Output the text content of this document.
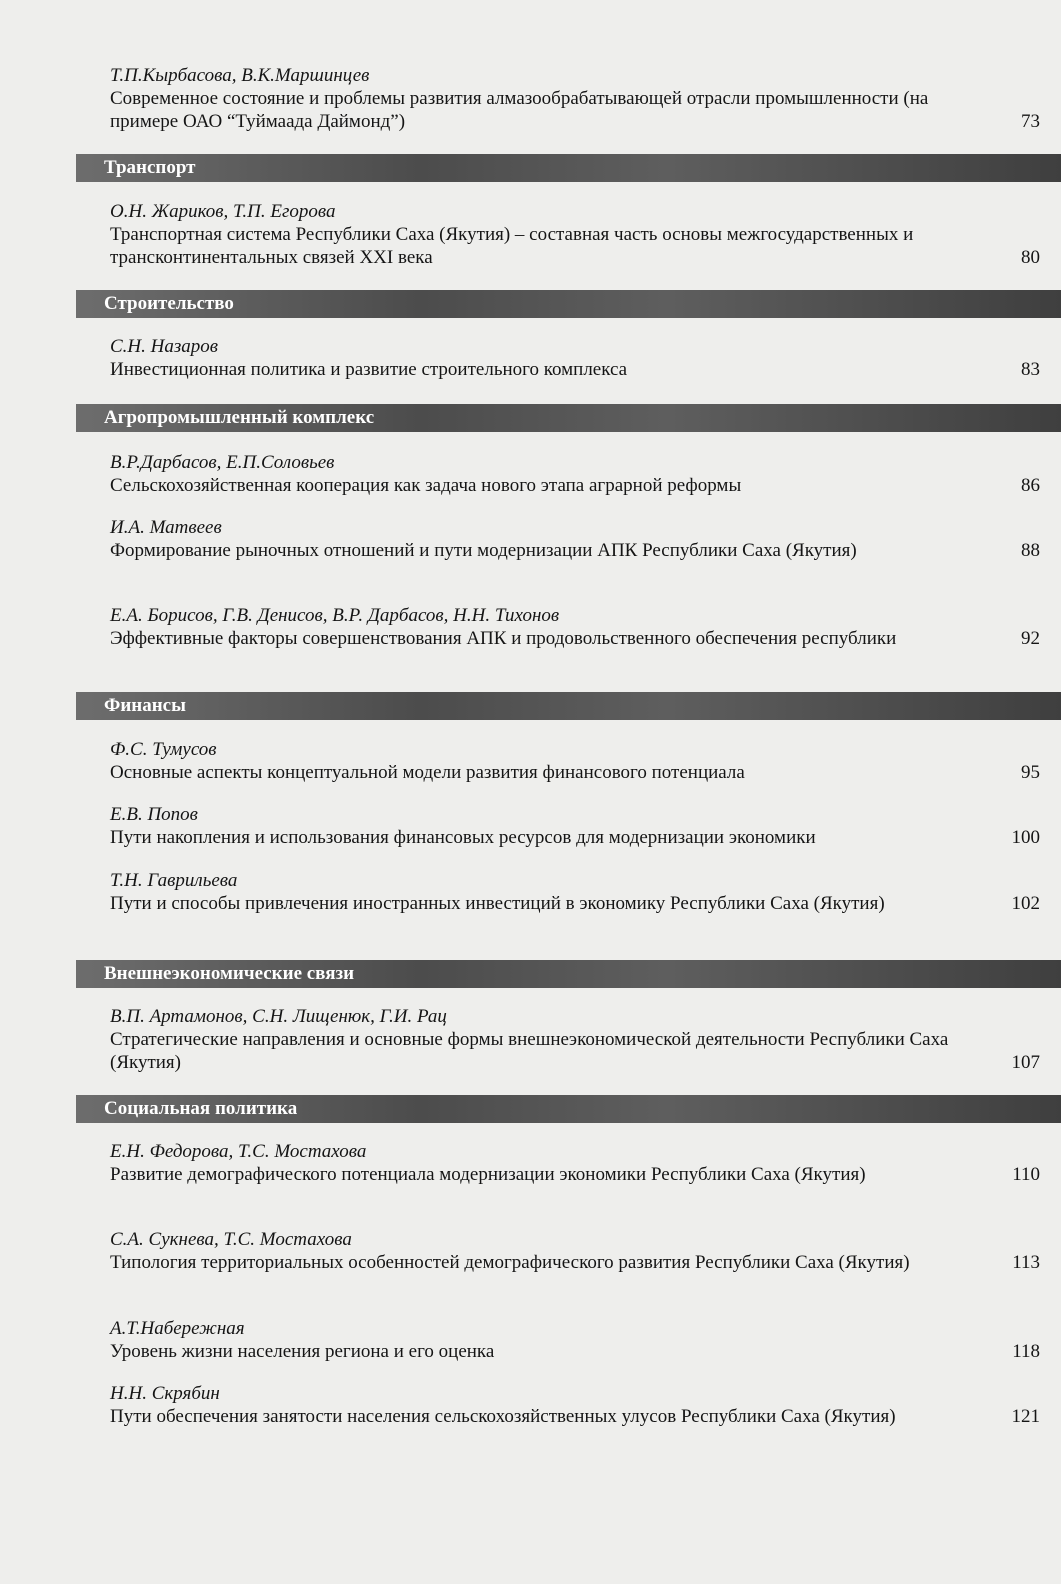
Т.П.Кырбасова, В.К.Маршинцев
Современное состояние и проблемы развития алмазообрабатывающей отрасли промышленности (на примере ОАО “Туймаада Даймонд”)	73
Транспорт
О.Н. Жариков, Т.П. Егорова
Транспортная система Республики Саха (Якутия) – составная часть основы межгосударственных и трансконтинентальных связей XXI века	80
Строительство
С.Н. Назаров
Инвестиционная политика и развитие строительного комплекса	83
Агропромышленный комплекс
В.Р.Дарбасов, Е.П.Соловьев
Сельскохозяйственная кооперация как задача нового этапа аграрной реформы	86
И.А. Матвеев
Формирование рыночных отношений и пути модернизации АПК Республики Саха (Якутия)	88
Е.А. Борисов, Г.В. Денисов, В.Р. Дарбасов, Н.Н. Тихонов
Эффективные факторы совершенствования АПК и продовольственного обеспечения республики	92
Финансы
Ф.С. Тумусов
Основные аспекты концептуальной модели развития финансового потенциала	95
Е.В. Попов
Пути накопления и использования финансовых ресурсов для модернизации экономики	100
Т.Н. Гаврильева
Пути и способы привлечения иностранных инвестиций в экономику Республики Саха (Якутия)	102
Внешнеэкономические связи
В.П. Артамонов, С.Н. Лищенюк, Г.И. Рац
Стратегические направления и основные формы внешнеэкономической деятельности Республики Саха (Якутия)	107
Социальная политика
Е.Н. Федорова, Т.С. Мостахова
Развитие демографического потенциала модернизации экономики Республики Саха (Якутия)	110
С.А. Сукнева, Т.С. Мостахова
Типология территориальных особенностей демографического развития Республики Саха (Якутия)	113
А.Т.Набережная
Уровень жизни населения региона и его оценка	118
Н.Н. Скрябин
Пути обеспечения занятости населения сельскохозяйственных улусов Республики Саха (Якутия)	121
